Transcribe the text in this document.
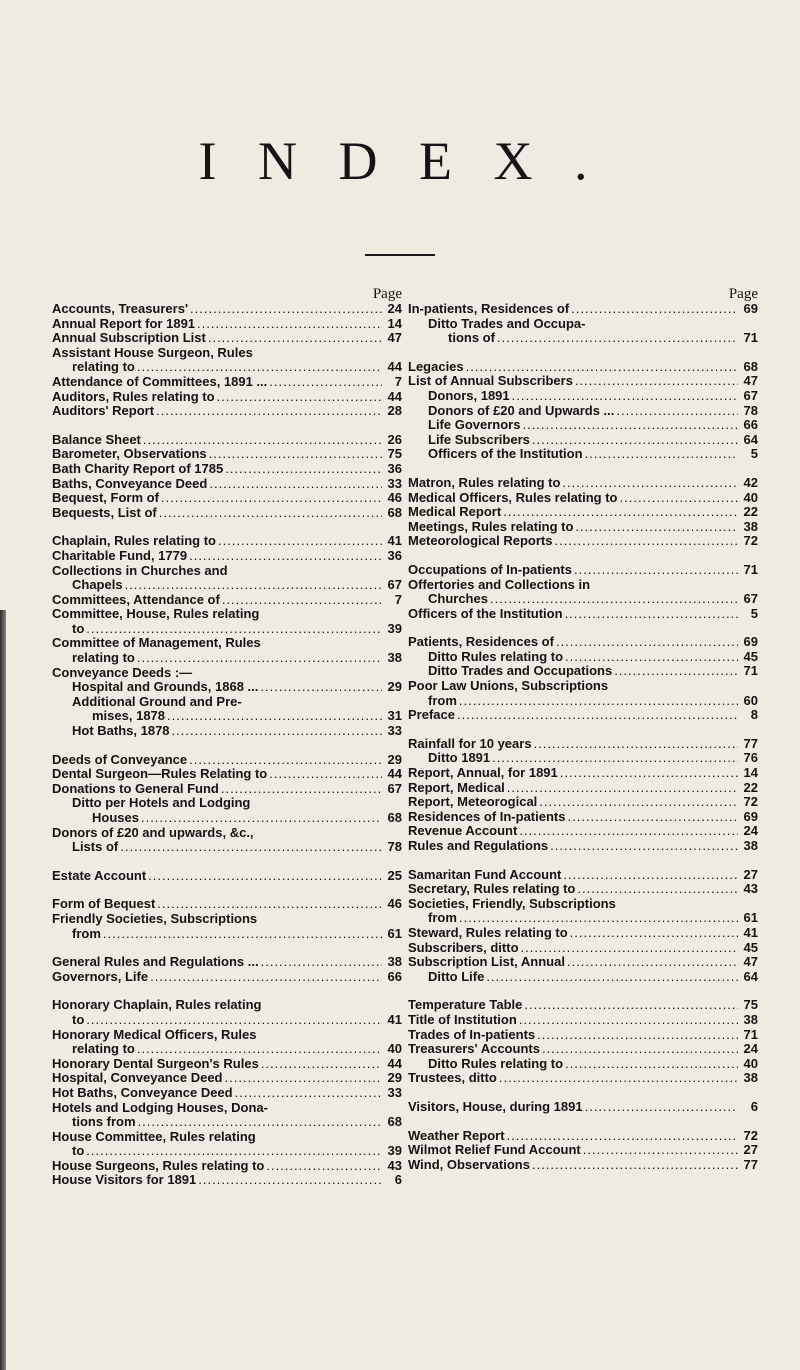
I N D E X .
Page
Accounts, Treasurers' .....	24
Annual Report for 1891 .....	14
Annual Subscription List .....	47
Assistant House Surgeon, Rules
relating to .....	44
Attendance of Committees, 1891 ... .....	7
Auditors, Rules relating to .....	44
Auditors' Report .....	28
Balance Sheet .....	26
Barometer, Observations .....	75
Bath Charity Report of 1785 .....	36
Baths, Conveyance Deed .....	33
Bequest, Form of .....	46
Bequests, List of .....	68
Chaplain, Rules relating to .....	41
Charitable Fund, 1779 .....	36
Collections in Churches and
Chapels .....	67
Committees, Attendance of .....	7
Committee, House, Rules relating
to .....	39
Committee of Management, Rules
relating to .....	38
Conveyance Deeds :—
Hospital and Grounds, 1868 ... .....	29
Additional Ground and Pre-
mises, 1878 .....	31
Hot Baths, 1878 .....	33
Deeds of Conveyance .....	29
Dental Surgeon—Rules Relating to .....	44
Donations to General Fund .....	67
Ditto per Hotels and Lodging
Houses .....	68
Donors of £20 and upwards, &c.,
Lists of .....	78
Estate Account .....	25
Form of Bequest .....	46
Friendly Societies, Subscriptions
from .....	61
General Rules and Regulations ... .....	38
Governors, Life .....	66
Honorary Chaplain, Rules relating
to .....	41
Honorary Medical Officers, Rules
relating to .....	40
Honorary Dental Surgeon's Rules .....	44
Hospital, Conveyance Deed .....	29
Hot Baths, Conveyance Deed .....	33
Hotels and Lodging Houses, Dona-
tions from .....	68
House Committee, Rules relating
to .....	39
House Surgeons, Rules relating to .....	43
House Visitors for 1891 .....	6
Page
In-patients, Residences of .....	69
Ditto Trades and Occupa-
tions of .....	71
Legacies .....	68
List of Annual Subscribers .....	47
Donors, 1891 .....	67
Donors of £20 and Upwards ... .....	78
Life Governors .....	66
Life Subscribers .....	64
Officers of the Institution .....	5
Matron, Rules relating to .....	42
Medical Officers, Rules relating to .....	40
Medical Report .....	22
Meetings, Rules relating to .....	38
Meteorological Reports .....	72
Occupations of In-patients .....	71
Offertories and Collections in
Churches .....	67
Officers of the Institution .....	5
Patients, Residences of .....	69
Ditto Rules relating to .....	45
Ditto Trades and Occupations .....	71
Poor Law Unions, Subscriptions
from .....	60
Preface .....	8
Rainfall for 10 years .....	77
Ditto 1891 .....	76
Report, Annual, for 1891 .....	14
Report, Medical .....	22
Report, Meteorogical .....	72
Residences of In-patients .....	69
Revenue Account .....	24
Rules and Regulations .....	38
Samaritan Fund Account .....	27
Secretary, Rules relating to .....	43
Societies, Friendly, Subscriptions
from .....	61
Steward, Rules relating to .....	41
Subscribers, ditto .....	45
Subscription List, Annual .....	47
Ditto Life .....	64
Temperature Table .....	75
Title of Institution .....	38
Trades of In-patients .....	71
Treasurers' Accounts .....	24
Ditto Rules relating to .....	40
Trustees, ditto .....	38
Visitors, House, during 1891 .....	6
Weather Report .....	72
Wilmot Relief Fund Account .....	27
Wind, Observations .....	77
